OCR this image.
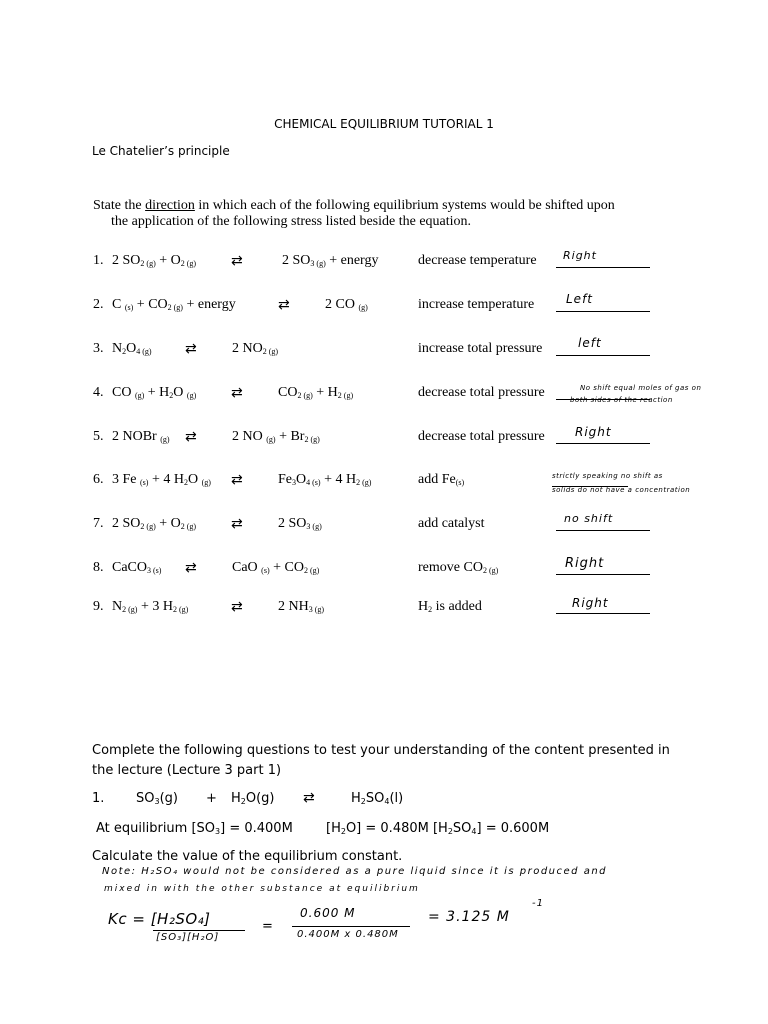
CHEMICAL EQUILIBRIUM TUTORIAL 1
Le Chatelier’s principle
State the direction in which each of the following equilibrium systems would be shifted upon
the application of the following stress listed beside the equation.
1. 2 $SO_{2 (g)} + O_{2 (g)}$ ⇄	2 $SO_{3 (g)}$ + energy	decrease temperature Right
2. C $_{(s)} + CO_{2 (g)}$ + energy	⇄	2 CO $_{(g)}$	increase temperature	Left
3. $N_2O_{4 (g)}$ ⇄	2 $NO_{2 (g)}$	increase total pressure	left
4. CO $_{(g)} + H_2O$ $_{(g)}$ ⇄	$CO_{2 (g)} + H_{2 (g)}$	decrease total pressure	No shift equal moles of gas on
both sides of the reaction
5. 2 NOBr $_{(g)}$ ⇄	2 NO $_{(g)} + Br_{2 (g)}$	decrease total pressure	Right
6. 3 Fe $_{(s)}$ + 4 $H_2O$ $_{(g)}$ ⇄	$Fe_3O_{4 (s)} + 4$ $H_{2 (g)}$	add $Fe_{(s)}$
strictly speaking no shift as
solids do not have a concentration
7. 2 $SO_{2 (g)} + O_{2 (g)}$ ⇄	2 $SO_{3 (g)}$	add catalyst	no shift
8. CaCO$_{3 (s)}$ ⇄	CaO $_{(s)} + CO_{2 (g)}$	remove $CO_{2 (g)}$	Right
9. $N_{2 (g)} + 3$ $H_{2 (g)}$	⇄	2 $NH_{3 (g)}$	$H_2$ is added	Right
Complete the following questions to test your understanding of the content presented in
the lecture (Lecture 3 part 1)
1. $SO_3(g) + H_2O(g)$ ⇄	$H_2SO_4(l)$
At equilibrium $[SO_3] = 0.400M$	$[H_2O] = 0.480M$ $[H_2SO_4] = 0.600M$
Calculate the value of the equilibrium constant.
Note: H₂SO₄ would not be considered as a pure liquid since it is produced and
mixed in with the other substance at equilibrium
Kc = [H₂SO₄]
[SO₃][H₂O]
=
0.600 M
0.400M x 0.480M
= 3.125 M
-1
